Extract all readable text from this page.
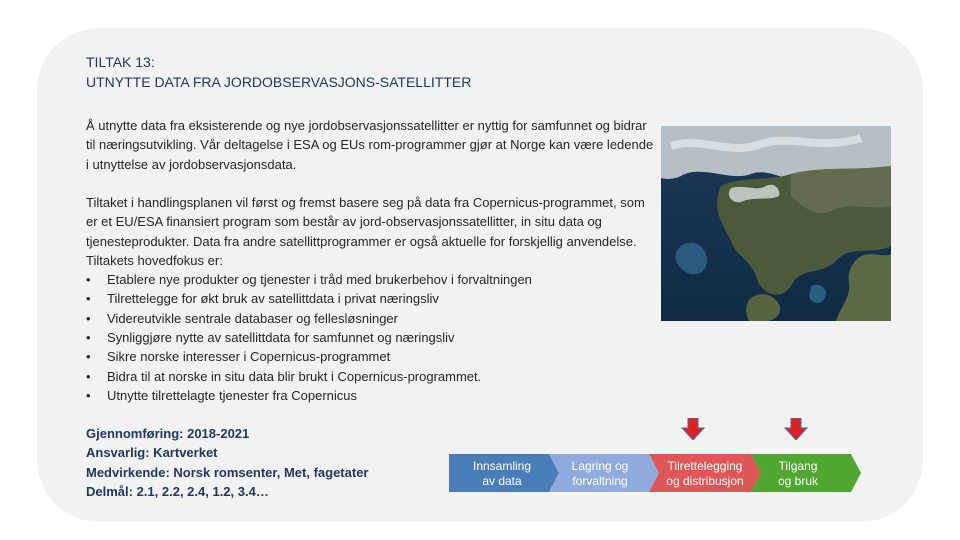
TILTAK 13:
UTNYTTE DATA FRA JORDOBSERVASJONS-SATELLITTER

Å utnytte data fra eksisterende og nye jordobservasjonssatellitter er nyttig for samfunnet og bidrar til næringsutvikling. Vår deltagelse i ESA og EUs rom-programmer gjør at Norge kan være ledende i utnyttelse av jordobservasjonsdata.

Tiltaket i handlingsplanen vil først og fremst basere seg på data fra Copernicus-programmet, som er et EU/ESA finansiert program som består av jord-observasjonssatellitter, in situ data og tjenesteprodukter. Data fra andre satellittprogrammer er også aktuelle for forskjellig anvendelse. Tiltakets hovedfokus er:
• Etablere nye produkter og tjenester i tråd med brukerbehov i forvaltningen
• Tilrettelegge for økt bruk av satellittdata i privat næringsliv
• Videreutvikle sentrale databaser og fellesløsninger
• Synliggjøre nytte av satellittdata for samfunnet og næringsliv
• Sikre norske interesser i Copernicus-programmet
• Bidra til at norske in situ data blir brukt i Copernicus-programmet.
• Utnytte tilrettelagte tjenester fra Copernicus
Gjennomføring: 2018-2021
Ansvarlig: Kartverket
Medvirkende: Norsk romsenter, Met, fagetater
Delmål: 2.1, 2.2, 2.4, 1.2, 3.4…
Innsamling
av data
Lagring og
forvaltning
Tilrettelegging
og distribusjon
Tilgang
og bruk
